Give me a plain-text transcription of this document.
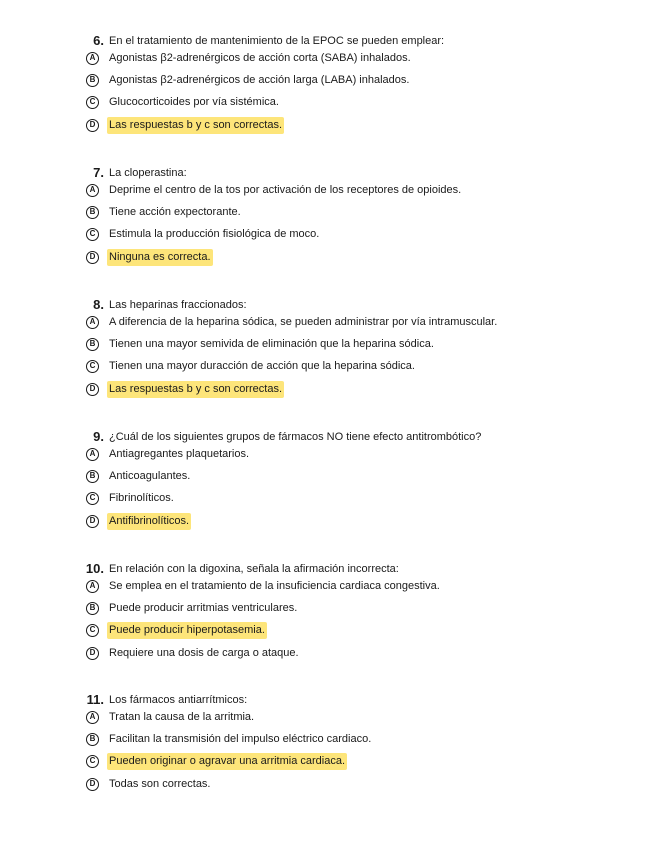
6. En el tratamiento de mantenimiento de la EPOC se pueden emplear:
A	Agonistas β2-adrenérgicos de acción corta (SABA) inhalados.
B	Agonistas β2-adrenérgicos de acción larga (LABA) inhalados.
C	Glucocorticoides por vía sistémica.
D	Las respuestas b y c son correctas.
7. La cloperastina:
A	Deprime el centro de la tos por activación de los receptores de opioides.
B	Tiene acción expectorante.
C	Estimula la producción fisiológica de moco.
D	Ninguna es correcta.
8. Las heparinas fraccionados:
A	A diferencia de la heparina sódica, se pueden administrar por vía intramuscular.
B	Tienen una mayor semivida de eliminación que la heparina sódica.
C	Tienen una mayor duracción de acción que la heparina sódica.
D	Las respuestas b y c son correctas.
9. ¿Cuál de los siguientes grupos de fármacos NO tiene efecto antitrombótico?
A	Antiagregantes plaquetarios.
B	Anticoagulantes.
C	Fibrinolíticos.
D	Antifibrinolíticos.
10. En relación con la digoxina, señala la afirmación incorrecta:
A	Se emplea en el tratamiento de la insuficiencia cardiaca congestiva.
B	Puede producir arritmias ventriculares.
C	Puede producir hiperpotasemia.
D	Requiere una dosis de carga o ataque.
11. Los fármacos antiarrítmicos:
A	Tratan la causa de la arritmia.
B	Facilitan la transmisión del impulso eléctrico cardiaco.
C	Pueden originar o agravar una arritmia cardiaca.
D	Todas son correctas.
